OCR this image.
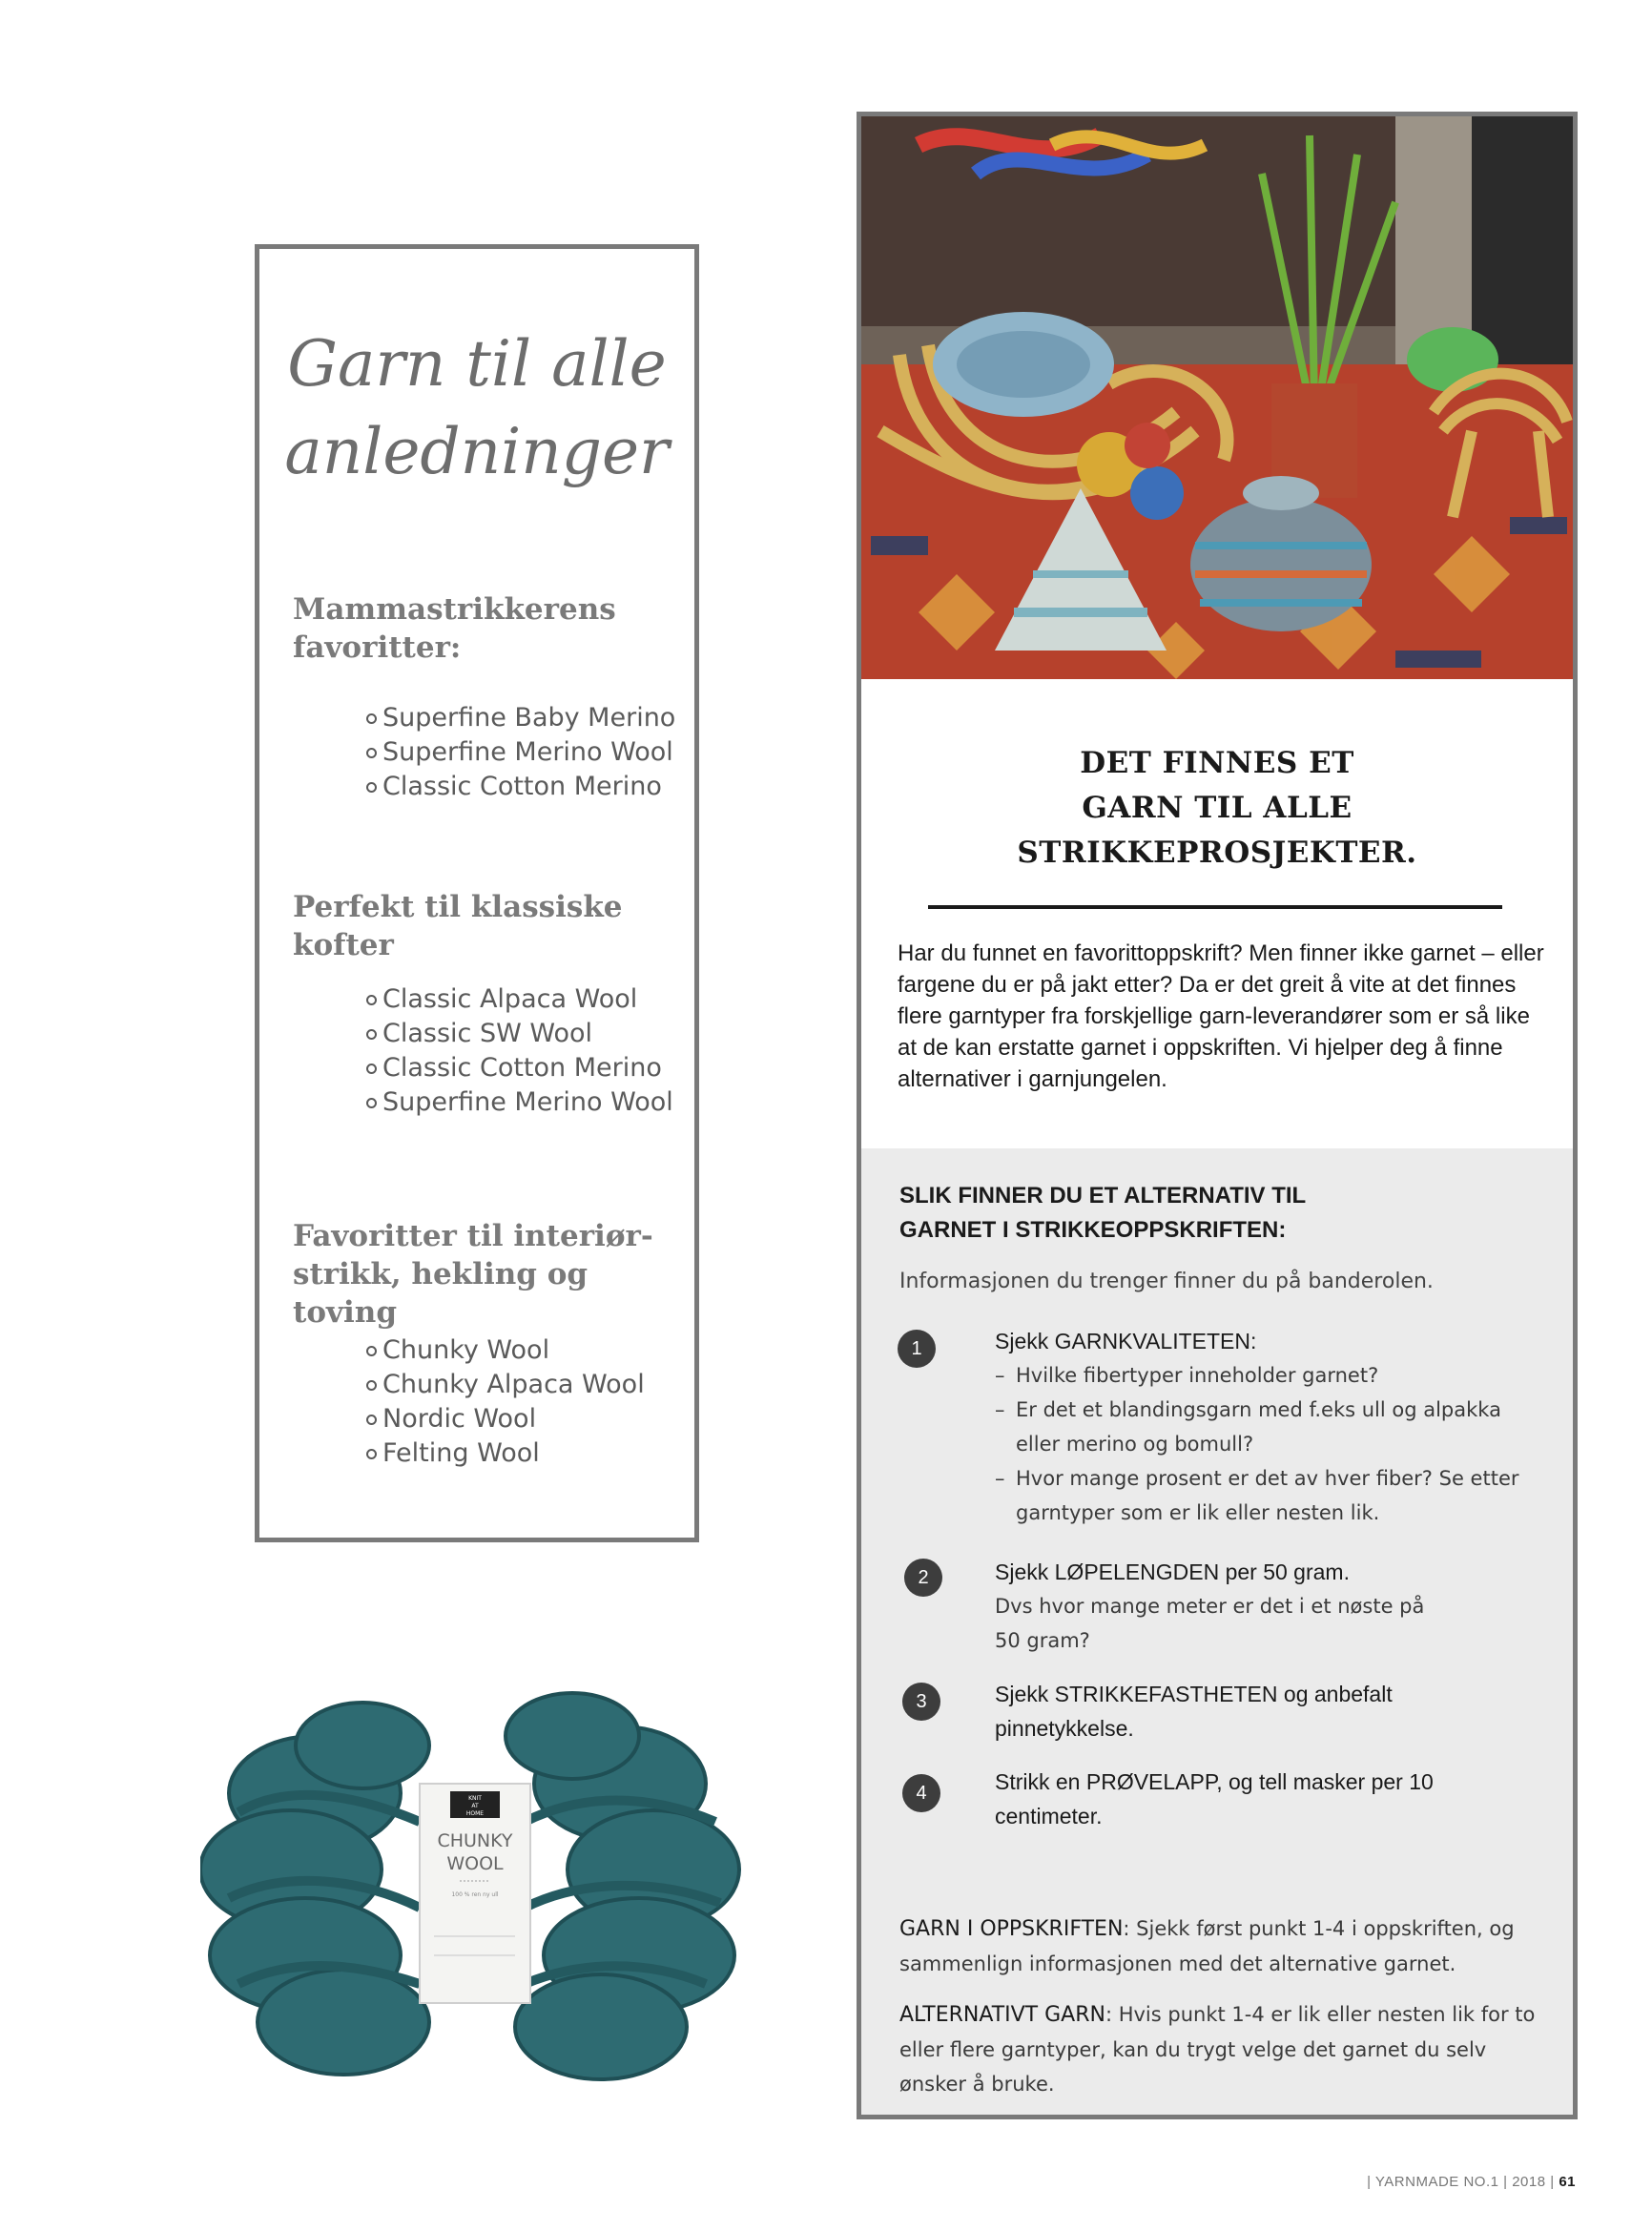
Garn til alle
anledninger
Mammastrikkerens favoritter:
Superfine Baby Merino
Superfine Merino Wool
Classic Cotton Merino
Perfekt til klassiske kofter
Classic Alpaca Wool
Classic SW Wool
Classic Cotton Merino
Superfine Merino Wool
Favoritter til interiør-strikk, hekling og toving
Chunky Wool
Chunky Alpaca Wool
Nordic Wool
Felting Wool
KNIT
AT
HOME
CHUNKY
WOOL
100 % ren ny ull
DET FINNES ET
GARN TIL ALLE
STRIKKEPROSJEKTER.
Har du funnet en favorittoppskrift? Men finner ikke garnet – eller fargene du er på jakt etter? Da er det greit å vite at det finnes flere garntyper fra forskjellige garn-leverandører som er så like at de kan erstatte garnet i oppskriften. Vi hjelper deg å finne alternativer i garnjungelen.
SLIK FINNER DU ET ALTERNATIV TIL
GARNET I STRIKKEOPPSKRIFTEN:
Informasjonen du trenger finner du på banderolen.
1	Sjekk GARNKVALITETEN:
– Hvilke fibertyper inneholder garnet?
– Er det et blandingsgarn med f.eks ull og alpakka eller merino og bomull?
– Hvor mange prosent er det av hver fiber? Se etter garntyper som er lik eller nesten lik.
2	Sjekk LØPELENGDEN per 50 gram.
Dvs hvor mange meter er det i et nøste på 50 gram?
3	Sjekk STRIKKEFASTHETEN og anbefalt pinnetykkelse.
4	Strikk en PRØVELAPP, og tell masker per 10 centimeter.
GARN I OPPSKRIFTEN: Sjekk først punkt 1-4 i oppskriften, og sammenlign informasjonen med det alternative garnet.
ALTERNATIVT GARN: Hvis punkt 1-4 er lik eller nesten lik for to eller flere garntyper, kan du trygt velge det garnet du selv ønsker å bruke.
| YARNMADE NO.1 | 2018 | 61
